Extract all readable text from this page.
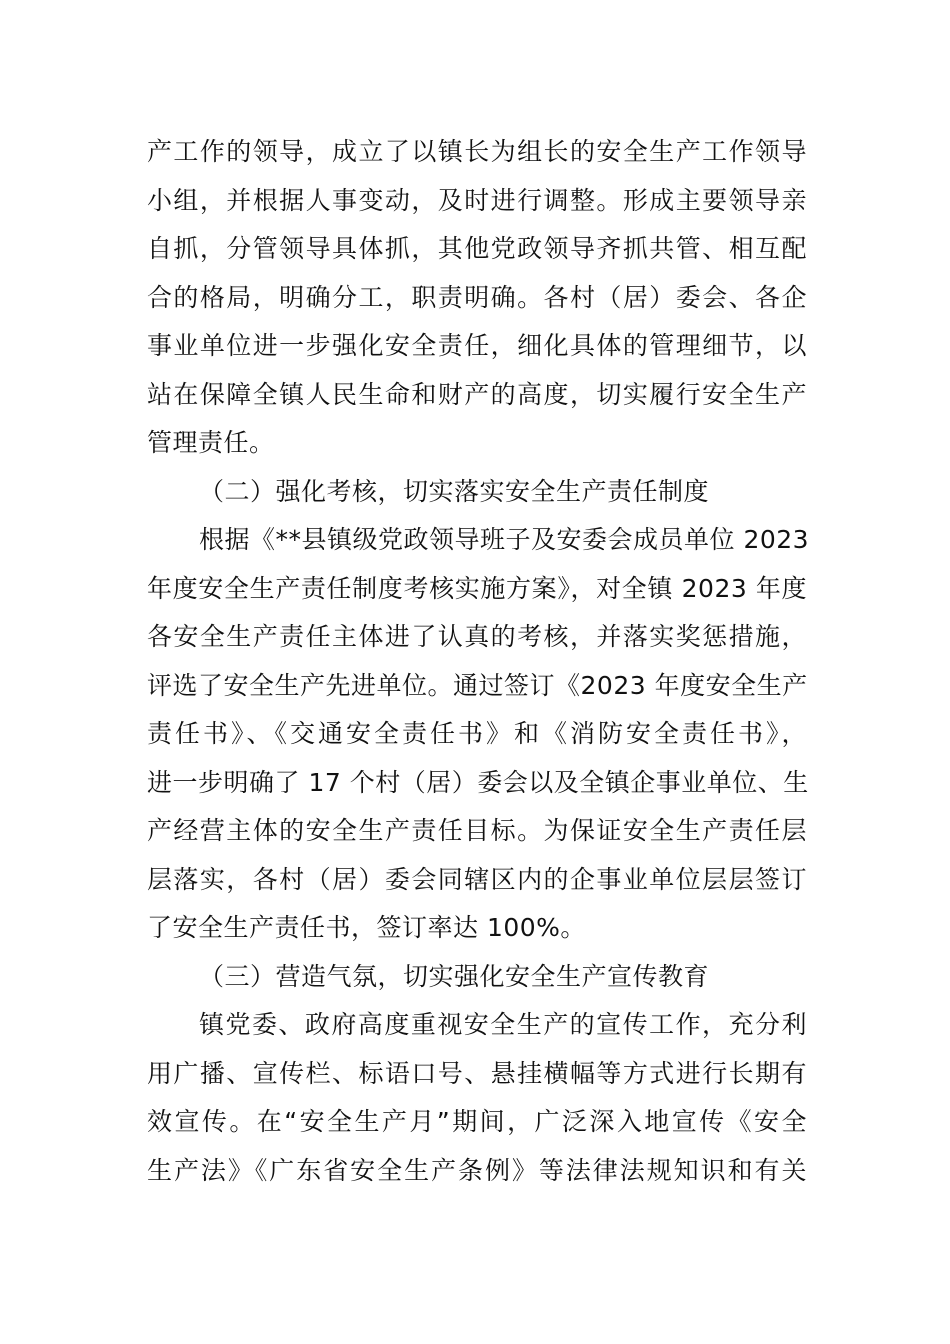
产工作的领导，成立了以镇长为组长的安全生产工作领导
小组，并根据人事变动，及时进行调整。形成主要领导亲
自抓，分管领导具体抓，其他党政领导齐抓共管、相互配
合的格局，明确分工，职责明确。各村（居）委会、各企
事业单位进一步强化安全责任，细化具体的管理细节，以
站在保障全镇人民生命和财产的高度，切实履行安全生产
管理责任。
（二）强化考核，切实落实安全生产责任制度
根据《**县镇级党政领导班子及安委会成员单位 2023
年度安全生产责任制度考核实施方案》，对全镇 2023 年度
各安全生产责任主体进了认真的考核，并落实奖惩措施，
评选了安全生产先进单位。通过签订《2023 年度安全生产
责任书》、《交通安全责任书》和《消防安全责任书》，
进一步明确了 17 个村（居）委会以及全镇企事业单位、生
产经营主体的安全生产责任目标。为保证安全生产责任层
层落实，各村（居）委会同辖区内的企事业单位层层签订
了安全生产责任书，签订率达 100%。
（三）营造气氛，切实强化安全生产宣传教育
镇党委、政府高度重视安全生产的宣传工作，充分利
用广播、宣传栏、标语口号、悬挂横幅等方式进行长期有
效宣传。在“安全生产月”期间，广泛深入地宣传《安全
生产法》《广东省安全生产条例》等法律法规知识和有关
